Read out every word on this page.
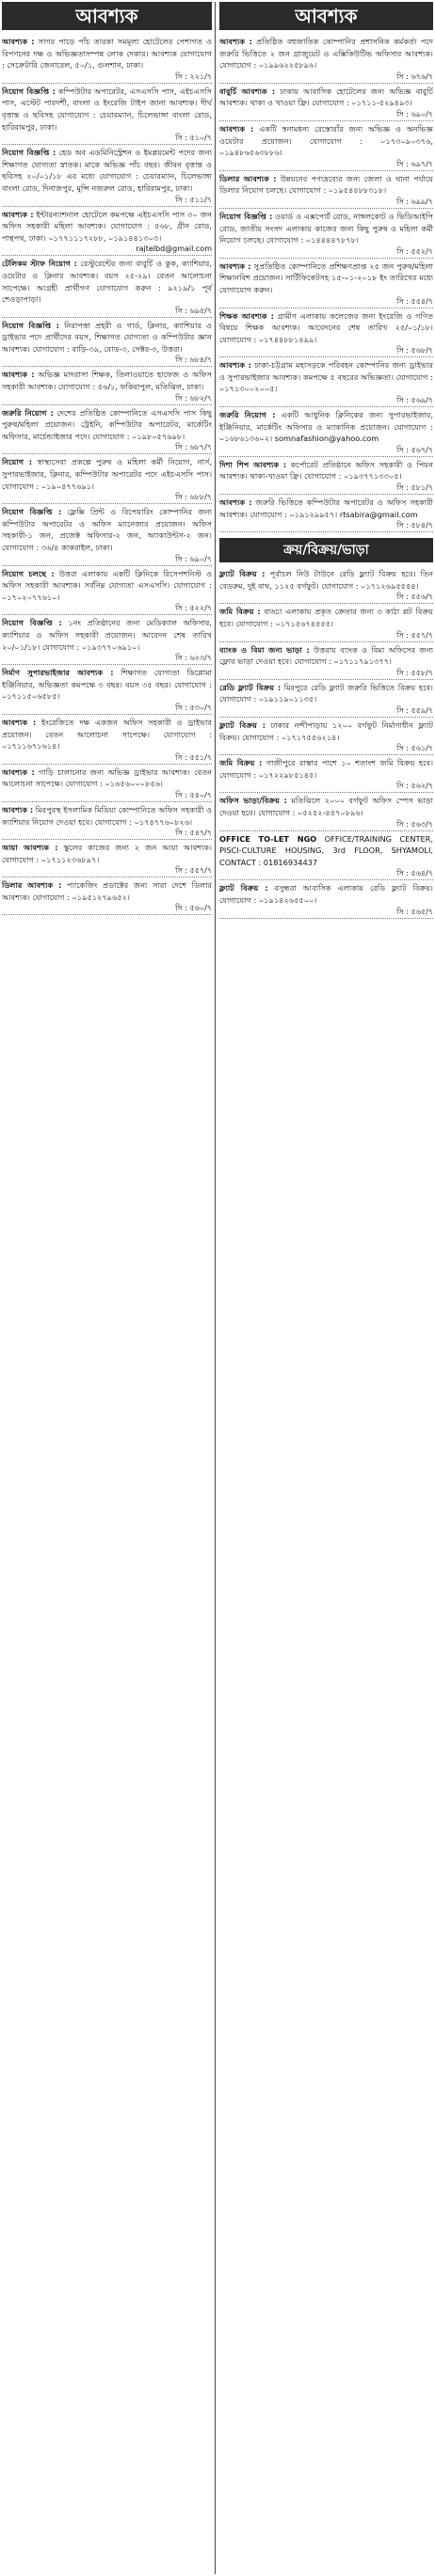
আবশ্যক
আবশ্যক : সাগর পাড়ে পাঁচ তারকা সমমূল্য হোটেলের পেশাগত ও বিপণনের দক্ষ ও অভিজ্ঞতাসম্পন্ন লোক দেকার। আবশ্যক যোগাযোগ : সেক্রেটারি জেনারেল, ৫০/১, গুলশান, ঢাকা।
সি : ২২১/৭
নিয়োগ বিজ্ঞপ্তি : কম্পিউটার অপারেটর, এসএসসি পাস, এইচএসসি পাস, এস্টেট পারদর্শী, বাংলা ও ইংরেজি টাইপ জানা আবশ্যক। দীর্ঘ বৃত্তান্ত ও ছবিসহ যোগাযোগ : চেয়ারম্যান, চিলেভাঙ্গা বাংলা রোড, হারিরামপুর, ঢাকা।
সি : ৫১০/৭
নিয়োগ বিজ্ঞপ্তি : হেড অব এডমিনিস্ট্রেশন ও ইমপ্লয়মেন্ট পদের জন্য শিক্ষাগত যোগ্যতা স্নাতক। মাকে অভিজ্ঞ পাঁচ বছর। জীবন বৃত্তান্ত ও ছবিসহ ২০/০১/১৮ এর মধ্যে যোগাযোগ : চেয়ারম্যান, চিলেভাঙ্গা বাংলা রোড, দিনাজপুর, মুন্সি নজরুল রোড, হারিরামপুর, ঢাকা।
সি : ৫১১/৭
আবশ্যক : ইন্টারন্যাশনাল হোটেলে কমপক্ষে এইচএসসি পাস ৩০ জন অফিস সহকারী মহিলা আবশ্যক। যোগাযোগ : ৫৬৮, গ্রীন রোড, পান্থপথ, ঢাকা। ০১৭৭১১১৭২৮৮, ০১৯১৪৪১৩০৩।
rajtelbd@gmail.com
টেলিকম স্টাফ নিয়োগ : রেস্টুরেন্টের জন্য বাবুর্চি ও কুক, ক্যাশিয়ার, ওয়েটার ও ক্লিনার আবশ্যক। বয়স ২৫-২৯। বেতন আলোচনা সাপেক্ষে। আগ্রহী প্রার্থীগণ যোগাযোগ করুন : ৯২১৯/১ পূর্ব শেওড়াপাড়া।
সি : ৬৯৫/৭
নিয়োগ বিজ্ঞপ্তি : নিরাপত্তা প্রহরী ও গার্ড, ক্লিনার, ক্যাশিয়ার ও ড্রাইভার পদে প্রার্থীদের বয়স, শিক্ষাগত যোগ্যতা ও কম্পিউটার জ্ঞান আবশ্যক। যোগাযোগ : বাড়ি-৩৯, রোড-৩, সেক্টর-৩, উত্তরা।
সি : ৬৮৪/৭
আবশ্যক : অভিজ্ঞ মাদরাসা শিক্ষক, তিলাওয়াতে হাফেজ ও অফিস সহকারী আবশ্যক। যোগাযোগ : ৫৬/১, ফকিরাপুল, মতিঝিল, ঢাকা।
সি : ৬৮২/৭
জরুরি নিয়োগ : দেশের প্রতিষ্ঠিত কোম্পানিতে এসএসসি পাস কিছু পুরুষ/মহিলা প্রয়োজন। ট্রেইনি, কম্পিউটার অপারেটর, মার্কেটিং অফিসার, মার্চেন্ডাইজার পদে। যোগাযোগ : ০১৯৮০৫৭৬৯৮।
সি : ৬৮৭/৭
নিয়োগ : স্বাস্থ্যসেবা প্রকল্পে পুরুষ ও মহিলা কর্মী নিয়োগ, নার্স, সুপারভাইজার, ক্লিনার, কম্পিউটার অপারেটর পদে এইচএসসি পাস। যোগাযোগ : ০১৯০৪৭৭৬৯১।
সি : ৬৮৮/৭
নিয়োগ বিজ্ঞপ্তি : ফ্লেক্সি প্রিন্ট ও রিপেয়ারিং কোম্পানির জন্য কম্পিউটার অপারেটর ও অফিস ম্যানেজার প্রয়োজন। অফিস সহকারী-১ জন, প্রজেক্ট অফিসার-২ জন, অ্যাকাউন্টস-২ জন। যোগাযোগ : ৩৬/৪ কাকরাইল, ঢাকা।
সি : ৬৯০/৭
নিয়োগ চলছে : উত্তরা এলাকায় একটি ক্লিনিকে রিসেপশনিস্ট ও অফিস সহকারী আবশ্যক। সর্বনিম্ন যোগ্যতা এসএসসি। যোগাযোগ : ০১৭০২০৭৭৬১০।
সি : ৫২২/৭
নিয়োগ বিজ্ঞপ্তি : ১নং প্রতিষ্ঠানের জন্য মেডিক্যাল অফিসার, ক্যাশিয়ার ও অফিস সহকারী প্রয়োজন। আবেদন শেষ তারিখ ২০/০১/১৮। যোগাযোগ : ০১৯৩৭৭০৬৯১০।
সি : ৬২৩/৭
নির্মাণ সুপারভাইজার আবশ্যক : শিক্ষাগত যোগ্যতা ডিপ্লোমা ইঞ্জিনিয়ার, অভিজ্ঞতা কমপক্ষে ৩ বছর। বয়স ৩৫ বছর। যোগাযোগ : ০১৭১১৫০৬৫৮৫।
সি : ৫৩০/৭
আবশ্যক : ইংরেজিতে দক্ষ একজন অফিস সহকারী ও ড্রাইভার প্রয়োজন। বেতন আলোচনা সাপেক্ষে। যোগাযোগ : ০১৭১১৬৭১৬১৪।
সি : ৫৫১/৭
আবশ্যক : গাড়ি চালানোর জন্য অভিজ্ঞ ড্রাইভার আবশ্যক। বেতন আলোচনা সাপেক্ষে। যোগাযোগ : ০১৬৫৬০০০৮৫৬।
সি : ৫৪০/৭
আবশ্যক : মিরপুরস্থ ইসলামিক মিডিয়া কোম্পানিতে অফিস সহকারী ও ক্যাশিয়ার নিয়োগ দেওয়া হবে। যোগাযোগ : ০১৭৪৭৭৬০৮২৬।
সি : ৫৪৭/৭
আয়া আবশ্যক : স্কুলের কাজের জন্য ২ জন আয়া আবশ্যক। যোগাযোগ : ০১৭১১২৩৬৮৯৭।
সি : ৫৫৭/৭
ডিলার আবশ্যক : প্যাকেজিং প্রডাক্টের জন্য সারা দেশে ডিলার আবশ্যক। যোগাযোগ : ০১৯৫১২৭৯৬৫২।
সি : ৫৬০/৭
আবশ্যক
আবশ্যক : প্রতিষ্ঠিত বহুজাতিক কোম্পানির প্রশাসনিক কর্মকর্তা পদে জরুরি ভিত্তিতে ২ জন গ্রাজুয়েট ও এক্সিকিউটিভ অফিসার আবশ্যক। যোগাযোগ : ০১৯৯৬২২৫৮৯৬।
সি : ৬৭৬/৭
বাবুর্চি আবশ্যক : ঢাকায় আবাসিক হোটেলের জন্য অভিজ্ঞ বাবুর্চি আবশ্যক। থাকা ও খাওয়া ফ্রি। যোগাযোগ : ০১৭১১-৫২৯৪৯৩।
সি : ৬৯০/৭
আবশ্যক : একটি স্বনামধন্য রেস্তোরাঁর জন্য অভিজ্ঞ ও অনভিজ্ঞ ওয়েটার প্রয়োজন। যোগাযোগ : ০১৭৩০৯০৩৭৬, ০১৯৪৮৬৫৬৩৮৮৬।
সি : ৬৯৭/৭
ডিলার আবশ্যক : উন্নয়নের পণ্যদ্রব্যের জন্য জেলা ও থানা পর্যায়ে ডিলার নিয়োগ চলছে। যোগাযোগ : ০১৯৫৪৪৮৮৩১৮।
সি : ৬৯৯/৭
নিয়োগ বিজ্ঞপ্তি : ওয়ার্ড ও এক্সপোর্ট রোড, নাঙ্গলকোট ও ভিডিআইপি রোড, জাতীয় সংসদ এলাকায় কাজের জন্য কিছু পুরুষ ও মহিলা কর্মী নিয়োগ চলছে। যোগাযোগ : ০১৪৪৪৪৭৮৭৮।
সি : ৫৫২/৭
আবশ্যক : সুপ্রতিষ্ঠিত কোম্পানিতে প্রশিক্ষণপ্রাপ্ত ২৫ জন পুরুষ/মহিলা শিক্ষানবিশ প্রয়োজন। সার্টিফিকেটসহ ১৫-০১-২০১৮ ইং তারিখের মধ্যে যোগাযোগ করুন।
সি : ৫৫৪/৭
শিক্ষক আবশ্যক : গ্রামীণ এলাকায় কলেজের জন্য ইংরেজি ও গণিত বিষয়ে শিক্ষক আবশ্যক। আবেদনের শেষ তারিখ ২৫/০১/১৮। যোগাযোগ : ০১৭৪৪৮৮১৪৯৯।
সি : ৫৬৮/৭
আবশ্যক : ঢাকা-চট্টগ্রাম মহাসড়কে পরিবহন কোম্পানির জন্য ড্রাইভার ও সুপারভাইজার আবশ্যক। কমপক্ষে ৫ বছরের অভিজ্ঞতা। যোগাযোগ : ০১৭১৩০০২০০৫।
সি : ৫৬৯/৭
জরুরি নিয়োগ : একটি আধুনিক ক্লিনিকের জন্য সুপারভাইজার, ইঞ্জিনিয়ার, মার্কেটিং অফিসার ও ম্যাকানিক প্রয়োজন। যোগাযোগ : ০১৬৮৬১৩৬০২। somnafashion@yahoo.com
সি : ৫৬৭/৭
দিশা শিপ আবশ্যক : কর্পোরেট প্রতিষ্ঠানে অফিস সহকারী ও পিয়ন আবশ্যক। থাকা-খাওয়া ফ্রি। যোগাযোগ : ০১৯৩৭৭১৩৩০৫।
সি : ৫৮১/৭
আবশ্যক : জরুরি ভিত্তিতে কম্পিউটার অপারেটর ও অফিস সহকারী আবশ্যক। যোগাযোগ : ০১৯১২৯৯৫৭। rtsabira@gmail.com
সি : ৫৮৪/৭
ক্রয়/বিক্রয়/ভাড়া
ফ্ল্যাট বিক্রয় : পূর্বাচল নিউ টাউনে রেডি ফ্ল্যাট বিক্রয় হবে। তিন বেডরুম, দুই বাথ, ১১২৫ বর্গফুট। যোগাযোগ : ০১৭১২৬৯৫৫৫৪।
সি : ৫৫৬/৭
জমি বিক্রয় : বাড্ডা এলাকায় প্রকৃত ক্রেতার জন্য ৩ কাঠা প্লট বিক্রয় হবে। যোগাযোগ : ০১৭১৫৬৭৪৫৫৫।
সি : ৫৫৭/৭
ব্যাংক ও বিমা জন্য ভাড়া : উত্তরায় ব্যাংক ও বিমা অফিসের জন্য ফ্লোর ভাড়া দেওয়া হবে। যোগাযোগ : ০১৭১১৭৯১৩৭৭।
সি : ৫৫৮/৭
রেডি ফ্ল্যাট বিক্রয় : মিরপুরে রেডি ফ্ল্যাট জরুরি ভিত্তিতে বিক্রয় হবে। যোগাযোগ : ০১৯১১৯০১১৩৫।
সি : ৫৫৯/৭
ফ্ল্যাট বিক্রয় : ঢাকার নন্দীপাড়ায় ১২০০ বর্গফুট নির্মাণাধীন ফ্ল্যাট বিক্রয়। যোগাযোগ : ০১৭১৭৫৫৬২১৪।
সি : ৫৬১/৭
জমি বিক্রয় : গাজীপুরে রাস্তার পাশে ১০ শতাংশ জমি বিক্রয় হবে। যোগাযোগ : ০১৭২২৯৮৫১৪৫।
সি : ৫৬২/৭
অফিস ভাড়া/বিক্রয় : মতিঝিলে ২০০০ বর্গফুট অফিস স্পেস ভাড়া দেওয়া হবে। যোগাযোগ : ০৫২৫২-৪৫৭০৮৯৬।
সি : ৫৬৩/৭
OFFICE TO-LET NGO OFFICE/TRAINING CENTER, PISCI-CULTURE HOUSING, 3rd FLOOR, SHYAMOLI, CONTACT : 01816934437
সি : ৫৬৪/৭
ফ্ল্যাট বিক্রয় : বসুন্ধরা আবাসিক এলাকায় রেডি ফ্ল্যাট বিক্রয়। যোগাযোগ : ০১৯১৪২৬৫৫০০।
সি : ৫৬৫/৭
